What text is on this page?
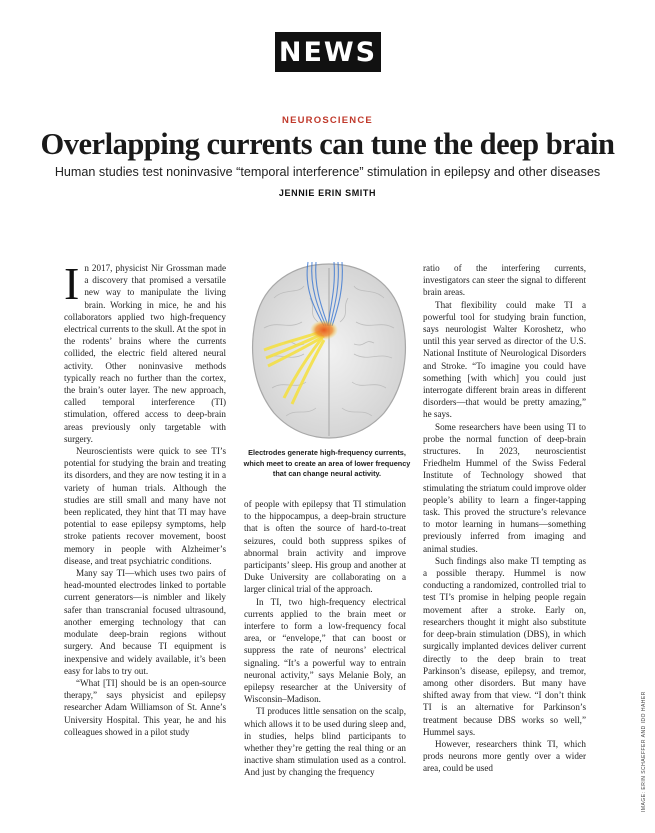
NEWS
NEUROSCIENCE
Overlapping currents can tune the deep brain
Human studies test noninvasive “temporal interference” stimulation in epilepsy and other diseases
JENNIE ERIN SMITH

In 2017, physicist Nir Grossman made a discovery that promised a versatile new way to manipulate the living brain. Working in mice, he and his collaborators applied two high-frequency electrical currents to the skull. At the spot in the rodents’ brains where the currents collided, the electric field altered neural activity. Other noninvasive methods typically reach no further than the cortex, the brain’s outer layer. The new approach, called temporal interference (TI) stimulation, offered access to deep-brain areas previously only targetable with surgery.

Neuroscientists were quick to see TI’s potential for studying the brain and treating its disorders, and they are now testing it in a variety of human trials. Although the studies are still small and many have not been replicated, they hint that TI may have potential to ease epilepsy symptoms, help stroke patients recover movement, boost memory in people with Alzheimer’s disease, and treat psychiatric conditions.

Many say TI—which uses two pairs of head-mounted electrodes linked to portable current generators—is nimbler and likely safer than transcranial focused ultrasound, another emerging technology that can modulate deep-brain regions without surgery. And because TI equipment is inexpensive and widely available, it’s been easy for labs to try out.

“What [TI] should be is an open-source therapy,” says physicist and epilepsy researcher Adam Williamson of St. Anne’s University Hospital. This year, he and his colleagues showed in a pilot study

Electrodes generate high-frequency currents, which meet to create an area of lower frequency that can change neural activity.

of people with epilepsy that TI stimulation to the hippocampus, a deep-brain structure that is often the source of hard-to-treat seizures, could both suppress spikes of abnormal brain activity and improve participants’ sleep. His group and another at Duke University are collaborating on a larger clinical trial of the approach.

In TI, two high-frequency electrical currents applied to the brain meet or interfere to form a low-frequency focal area, or “envelope,” that can boost or suppress the rate of neurons’ electrical signaling. “It’s a powerful way to entrain neuronal activity,” says Melanie Boly, an epilepsy researcher at the University of Wisconsin–Madison.

TI produces little sensation on the scalp, which allows it to be used during sleep and, in studies, helps blind participants to whether they’re getting the real thing or an inactive sham stimulation used as a control. And just by changing the frequency

ratio of the interfering currents, investigators can steer the signal to different brain areas.

That flexibility could make TI a powerful tool for studying brain function, says neurologist Walter Koroshetz, who until this year served as director of the U.S. National Institute of Neurological Disorders and Stroke. “To imagine you could have something [with which] you could just interrogate different brain areas in different disorders—that would be pretty amazing,” he says.

Some researchers have been using TI to probe the normal function of deep-brain structures. In 2023, neuroscientist Friedhelm Hummel of the Swiss Federal Institute of Technology showed that stimulating the striatum could improve older people’s ability to learn a finger-tapping task. This proved the structure’s relevance to motor learning in humans—something previously inferred from imaging and animal studies.

Such findings also make TI tempting as a possible therapy. Hummel is now conducting a randomized, controlled trial to test TI’s promise in helping people regain movement after a stroke. Early on, researchers thought it might also substitute for deep-brain stimulation (DBS), in which surgically implanted devices deliver current directly to the deep brain to treat Parkinson’s disease, epilepsy, and tremor, among other disorders. But many have shifted away from that view. “I don’t think TI is an alternative for Parkinson’s treatment because DBS works so well,” Hummel says.

However, researchers think TI, which prods neurons more gently over a wider area, could be used	IMAGE: ERIN SCHAEFFER AND IDO HAHER
